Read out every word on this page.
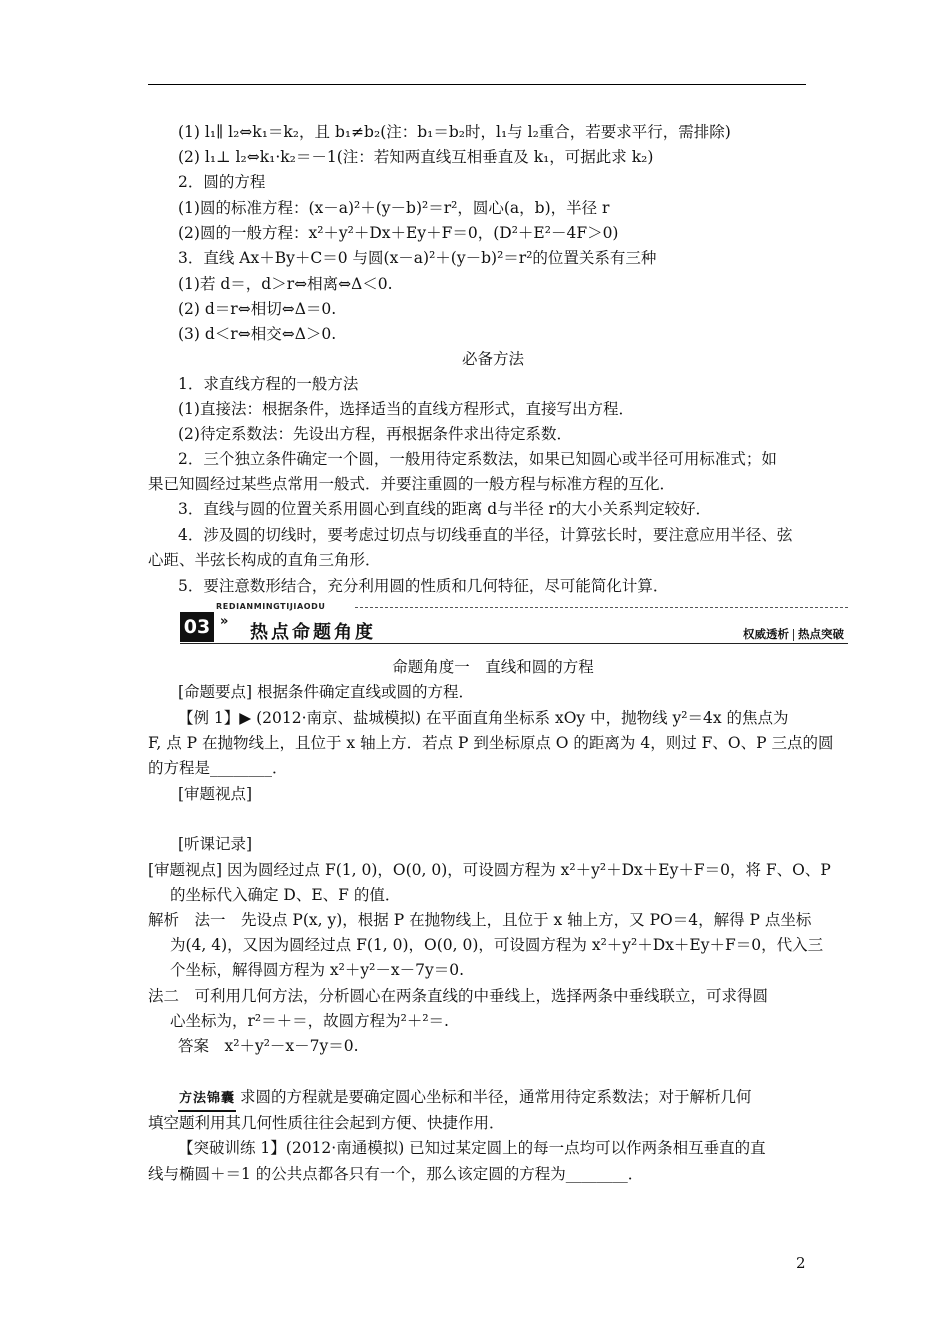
(1) l₁∥ l₂⇔k₁＝k₂，且 b₁≠b₂(注：b₁＝b₂时，l₁与 l₂重合，若要求平行，需排除)
(2) l₁⊥ l₂⇔k₁·k₂＝－1(注：若知两直线互相垂直及 k₁，可据此求 k₂)
2．圆的方程
(1)圆的标准方程：(x－a)²＋(y－b)²＝r²，圆心(a，b)，半径 r
(2)圆的一般方程：x²＋y²＋Dx＋Ey＋F＝0，(D²＋E²－4F＞0)
3．直线 Ax＋By＋C＝0 与圆(x－a)²＋(y－b)²＝r²的位置关系有三种
(1)若 d＝，d＞r⇔相离⇔Δ＜0.
(2) d＝r⇔相切⇔Δ＝0.
(3) d＜r⇔相交⇔Δ＞0.
必备方法
1．求直线方程的一般方法
(1)直接法：根据条件，选择适当的直线方程形式，直接写出方程．
(2)待定系数法：先设出方程，再根据条件求出待定系数．
2．三个独立条件确定一个圆，一般用待定系数法，如果已知圆心或半径可用标准式；如
果已知圆经过某些点常用一般式．并要注重圆的一般方程与标准方程的互化．
3．直线与圆的位置关系用圆心到直线的距离 d与半径 r的大小关系判定较好．
4．涉及圆的切线时，要考虑过切点与切线垂直的半径，计算弦长时，要注意应用半径、弦
心距、半弦长构成的直角三角形．
5．要注意数形结合，充分利用圆的性质和几何特征，尽可能简化计算．
REDIANMINGTIJIAODU
03 »
热点命题角度	权威透析 热点突破
命题角度一　直线和圆的方程
[命题要点] 根据条件确定直线或圆的方程．
【例 1】▶ (2012·南京、盐城模拟) 在平面直角坐标系 xOy 中，抛物线 y²＝4x 的焦点为
F, 点 P 在抛物线上，且位于 x 轴上方．若点 P 到坐标原点 O 的距离为 4，则过 F、O、P 三点的圆
的方程是________．
[审题视点]
[听课记录]
[审题视点] 因为圆经过点 F(1, 0)，O(0, 0)，可设圆方程为 x²＋y²＋Dx＋Ey＋F＝0，将 F、O、P
的坐标代入确定 D、E、F 的值．
解析　法一　先设点 P(x, y)，根据 P 在抛物线上，且位于 x 轴上方，又 PO＝4，解得 P 点坐标
为(4, 4)，又因为圆经过点 F(1, 0)，O(0, 0)，可设圆方程为 x²＋y²＋Dx＋Ey＋F＝0，代入三
个坐标，解得圆方程为 x²＋y²－x－7y＝0.
法二　可利用几何方法，分析圆心在两条直线的中垂线上，选择两条中垂线联立，可求得圆
心坐标为，r²＝＋＝，故圆方程为²＋²＝.
答案　x²＋y²－x－7y＝0.
方法锦囊 求圆的方程就是要确定圆心坐标和半径，通常用待定系数法；对于解析几何
填空题利用其几何性质往往会起到方便、快捷作用．
【突破训练 1】(2012·南通模拟) 已知过某定圆上的每一点均可以作两条相互垂直的直
线与椭圆＋＝1 的公共点都各只有一个，那么该定圆的方程为________．
2
